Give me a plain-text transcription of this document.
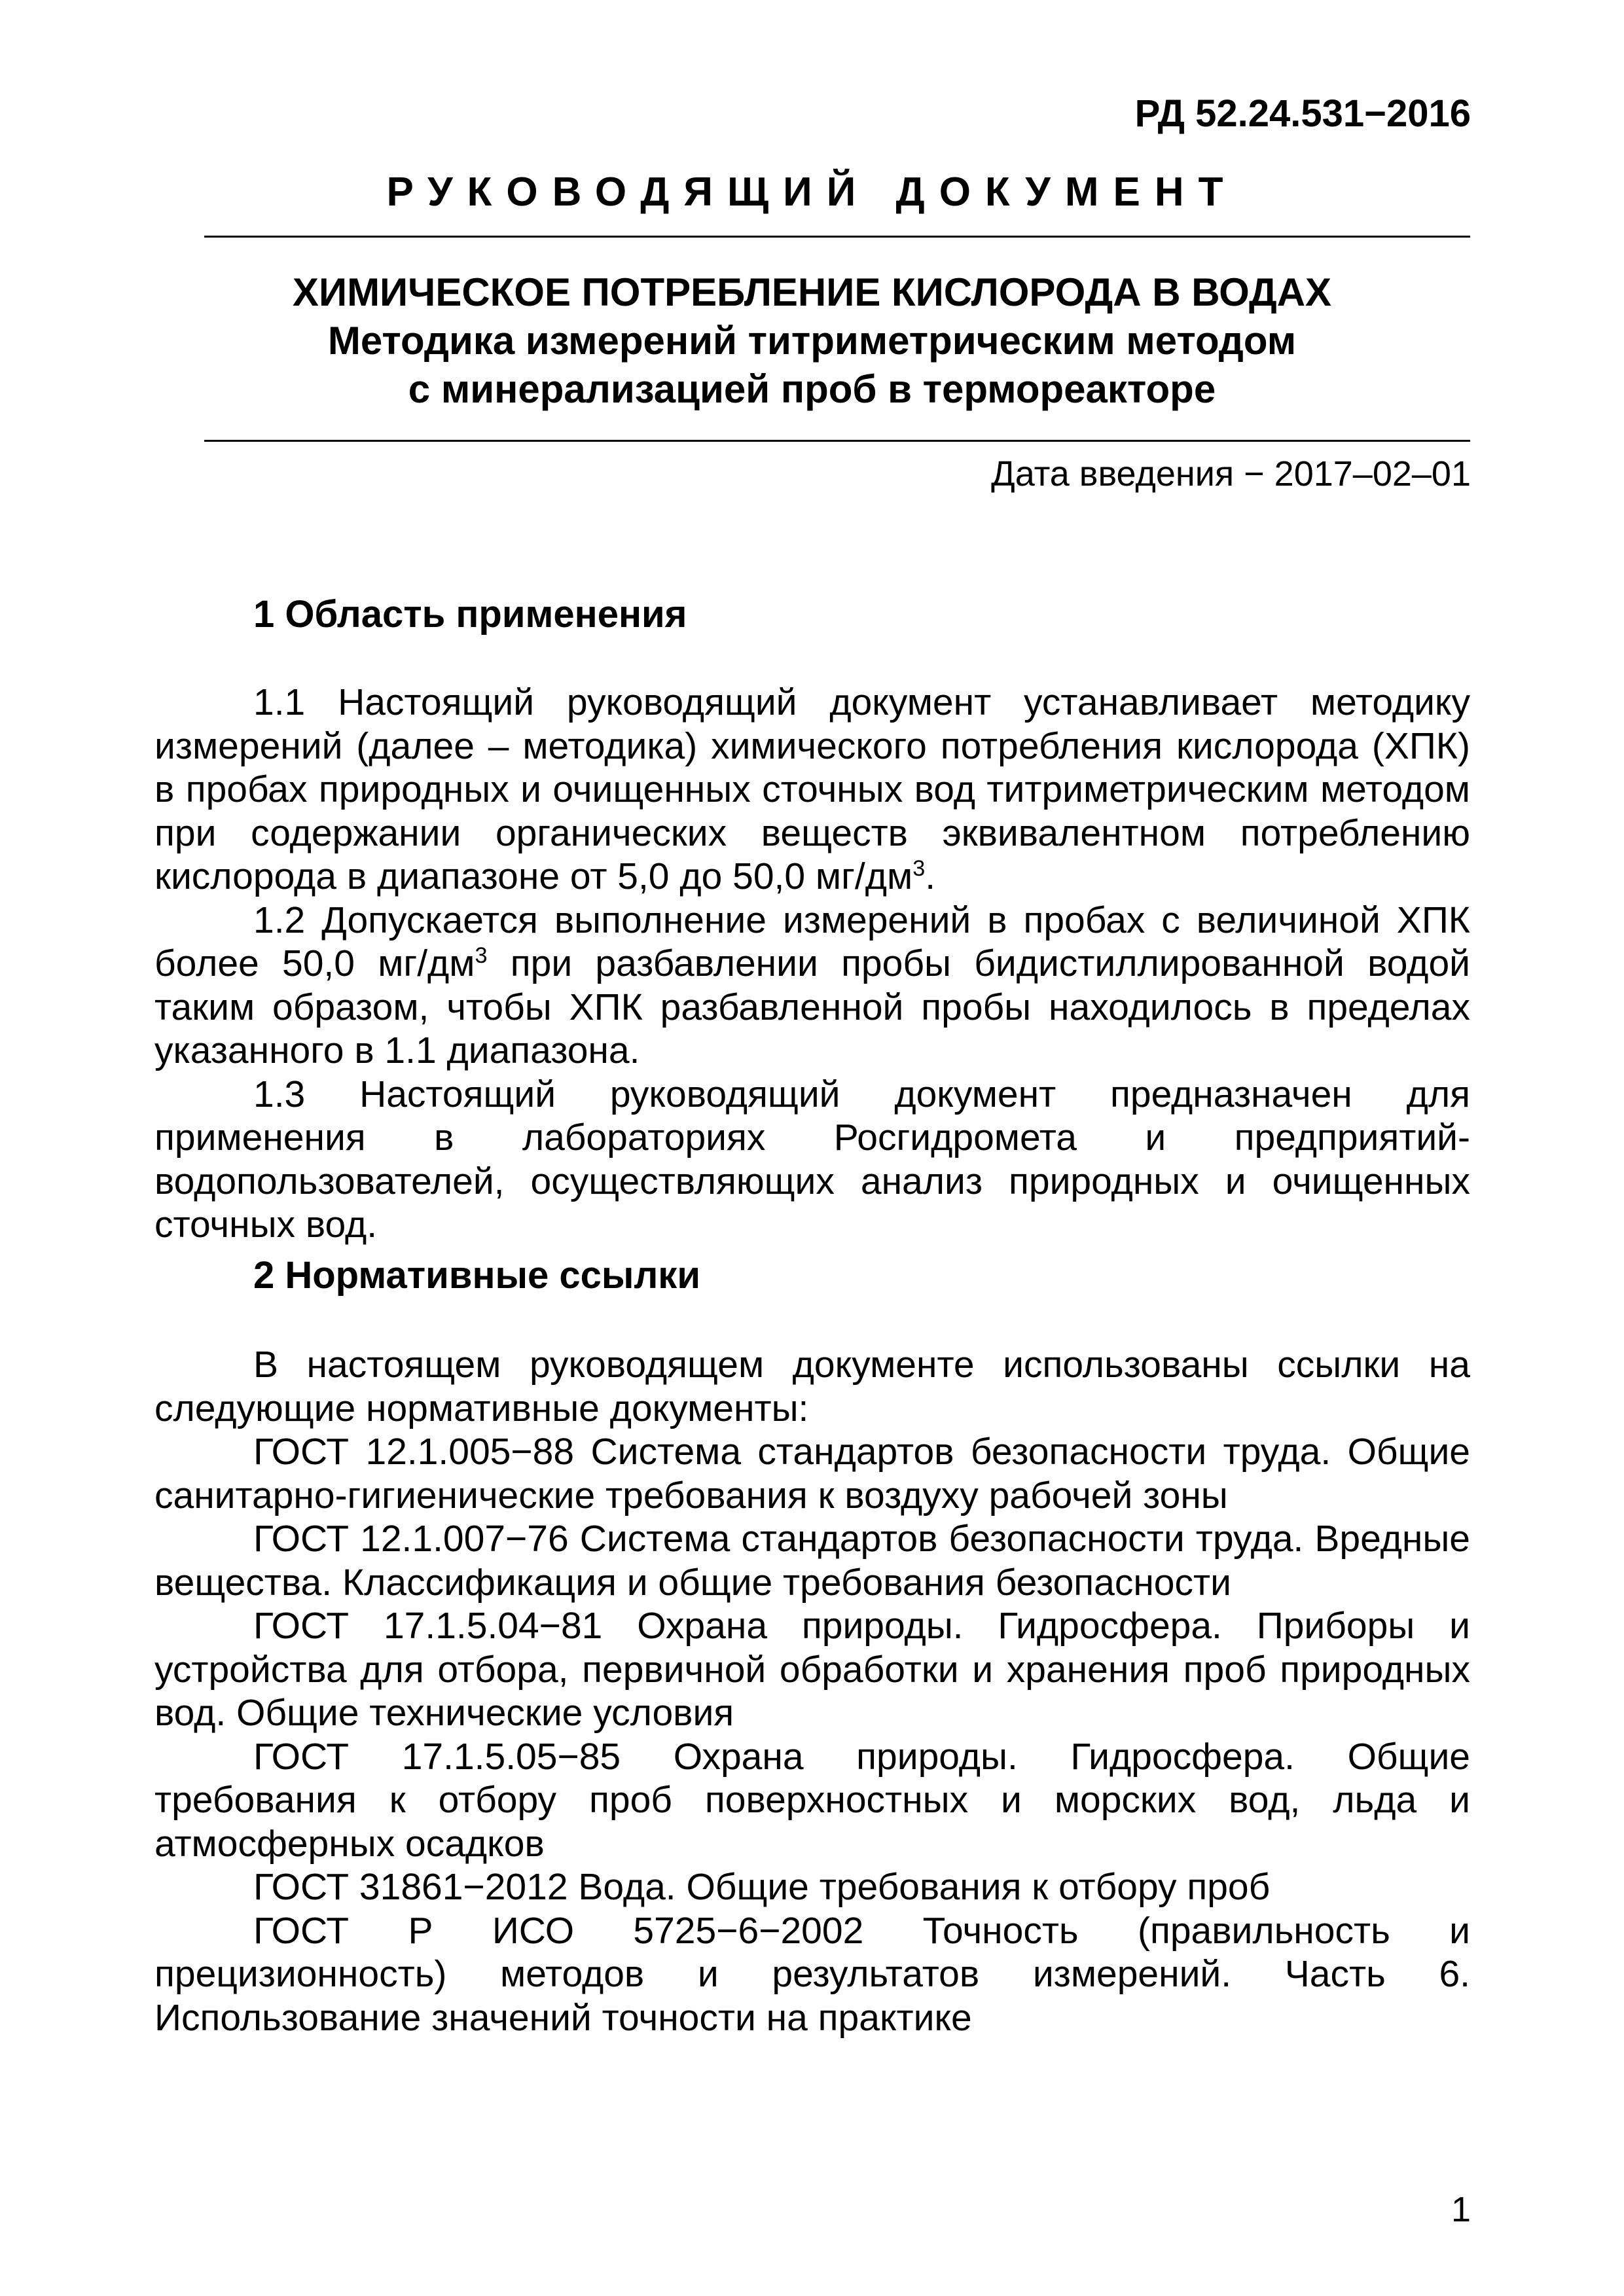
РД 52.24.531−2016
РУКОВОДЯЩИЙ ДОКУМЕНТ
ХИМИЧЕСКОЕ ПОТРЕБЛЕНИЕ КИСЛОРОДА В ВОДАХ
Методика измерений титриметрическим методом
с минерализацией проб в термореакторе
Дата введения − 2017–02–01
1 Область применения

1.1 Настоящий руководящий документ устанавливает методику измерений (далее – методика) химического потребления кислорода (ХПК) в пробах природных и очищенных сточных вод титриметрическим методом при содержании органических веществ эквивалентном потреблению кислорода в диапазоне от 5,0 до 50,0 $мг/дм^3$.

1.2 Допускается выполнение измерений в пробах с величиной ХПК более 50,0 $мг/дм^3$ при разбавлении пробы бидистиллированной водой таким образом, чтобы ХПК разбавленной пробы находилось в пределах указанного в 1.1 диапазона.

1.3 Настоящий руководящий документ предназначен для применения в лабораториях Росгидромета и предприятий-водопользователей, осуществляющих анализ природных и очищенных сточных вод.

2 Нормативные ссылки

В настоящем руководящем документе использованы ссылки на следующие нормативные документы:

ГОСТ 12.1.005−88 Система стандартов безопасности труда. Общие санитарно-гигиенические требования к воздуху рабочей зоны

ГОСТ 12.1.007−76 Система стандартов безопасности труда. Вредные вещества. Классификация и общие требования безопасности

ГОСТ 17.1.5.04−81 Охрана природы. Гидросфера. Приборы и устройства для отбора, первичной обработки и хранения проб природных вод. Общие технические условия

ГОСТ 17.1.5.05−85 Охрана природы. Гидросфера. Общие требования к отбору проб поверхностных и морских вод, льда и атмосферных осадков

ГОСТ 31861−2012 Вода. Общие требования к отбору проб

ГОСТ Р ИСО 5725−6−2002 Точность (правильность и прецизионность) методов и результатов измерений. Часть 6. Использование значений точности на практике

1
